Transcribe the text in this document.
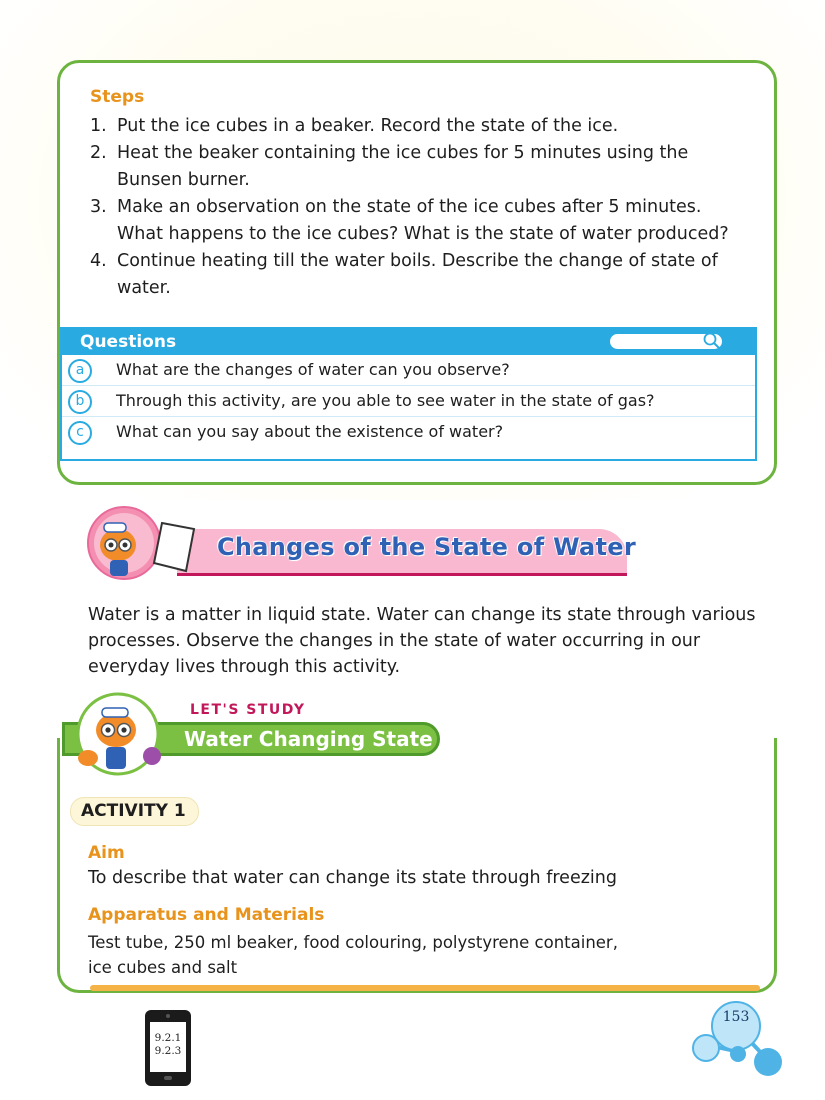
Steps
1. Put the ice cubes in a beaker. Record the state of the ice.
2. Heat the beaker containing the ice cubes for 5 minutes using the
Bunsen burner.
3. Make an observation on the state of the ice cubes after 5 minutes.
What happens to the ice cubes? What is the state of water produced?
4. Continue heating till the water boils. Describe the change of state of
water.
Questions
a	What are the changes of water can you observe?
b	Through this activity, are you able to see water in the state of gas?
c	What can you say about the existence of water?
Changes of the State of Water
Water is a matter in liquid state. Water can change its state through various processes. Observe the changes in the state of water occurring in our everyday lives through this activity.
LET'S STUDY
Water Changing State
ACTIVITY 1
Aim
To describe that water can change its state through freezing
Apparatus and Materials
Test tube, 250 ml beaker, food colouring, polystyrene container,
ice cubes and salt
9.2.1
9.2.3
153
